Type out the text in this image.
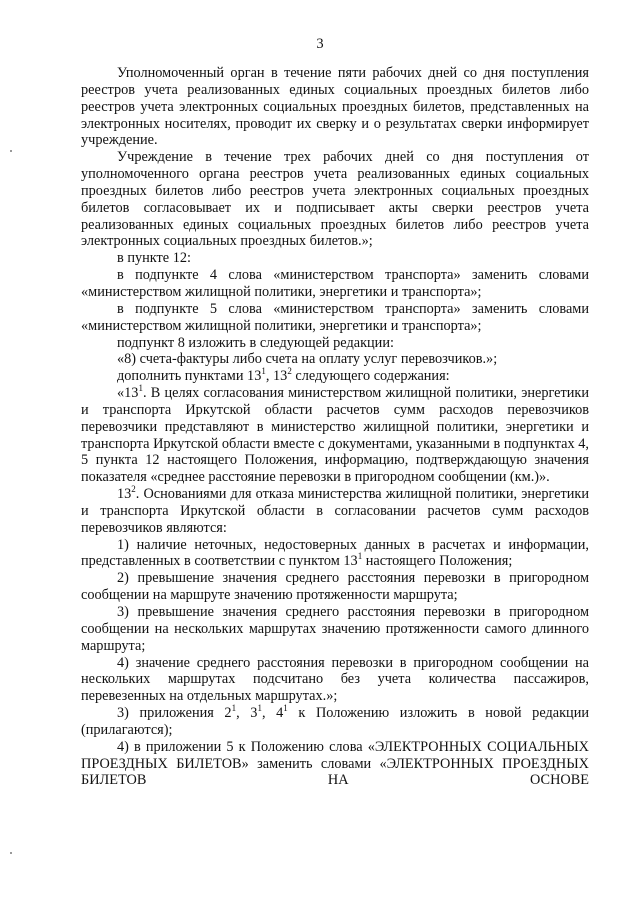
3

Уполномоченный орган в течение пяти рабочих дней со дня поступления реестров учета реализованных единых социальных проездных билетов либо реестров учета электронных социальных проездных билетов, представленных на электронных носителях, проводит их сверку и о результатах сверки информирует учреждение.

Учреждение в течение трех рабочих дней со дня поступления от уполномоченного органа реестров учета реализованных единых социальных проездных билетов либо реестров учета электронных социальных проездных билетов согласовывает их и подписывает акты сверки реестров учета реализованных единых социальных проездных билетов либо реестров учета электронных социальных проездных билетов.»;

в пункте 12:

в подпункте 4 слова «министерством транспорта» заменить словами «министерством жилищной политики, энергетики и транспорта»;

в подпункте 5 слова «министерством транспорта» заменить словами «министерством жилищной политики, энергетики и транспорта»;

подпункт 8 изложить в следующей редакции:

«8) счета-фактуры либо счета на оплату услуг перевозчиков.»;

дополнить пунктами $13^1$, $13^2$ следующего содержания:

«$13^1$. В целях согласования министерством жилищной политики, энергетики и транспорта Иркутской области расчетов сумм расходов перевозчиков перевозчики представляют в министерство жилищной политики, энергетики и транспорта Иркутской области вместе с документами, указанными в подпунктах 4, 5 пункта 12 настоящего Положения, информацию, подтверждающую значения показателя «среднее расстояние перевозки в пригородном сообщении (км.)».

$13^2$. Основаниями для отказа министерства жилищной политики, энергетики и транспорта Иркутской области в согласовании расчетов сумм расходов перевозчиков являются:

1) наличие неточных, недостоверных данных в расчетах и информации, представленных в соответствии с пунктом $13^1$ настоящего Положения;

2) превышение значения среднего расстояния перевозки в пригородном сообщении на маршруте значению протяженности маршрута;

3) превышение значения среднего расстояния перевозки в пригородном сообщении на нескольких маршрутах значению протяженности самого длинного маршрута;

4) значение среднего расстояния перевозки в пригородном сообщении на нескольких маршрутах подсчитано без учета количества пассажиров, перевезенных на отдельных маршрутах.»;

3) приложения $2^1$, $3^1$, $4^1$ к Положению изложить в новой редакции (прилагаются);

4) в приложении 5 к Положению слова «ЭЛЕКТРОННЫХ СОЦИАЛЬНЫХ ПРОЕЗДНЫХ БИЛЕТОВ» заменить словами «ЭЛЕКТРОННЫХ ПРОЕЗДНЫХ БИЛЕТОВ НА ОСНОВЕ
